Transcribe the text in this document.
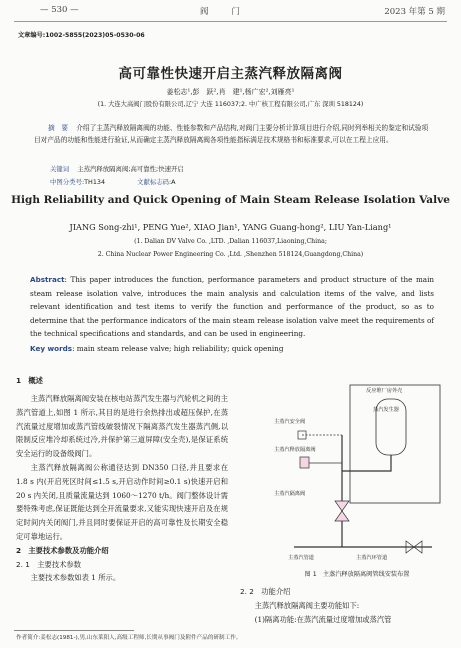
— 530 —	阀　　门	2023 年第 5 期
文章编号:1002-5855(2023)05-0530-06
高可靠性快速开启主蒸汽释放隔离阀
姜松志¹,彭　跃²,肖　建¹,杨广宏²,刘雁亮¹
(1. 大连大高阀门股份有限公司,辽宁 大连 116037;2. 中广核工程有限公司,广东 深圳 518124)
摘　要 介绍了主蒸汽释放隔离阀的功能、性能参数和产品结构,对阀门主要分析计算项目进行介绍,同时列举相关的鉴定和试验项目对产品的功能和性能进行验证,从而确定主蒸汽释放隔离阀各项性能指标满足技术规格书和标准要求,可以在工程上应用。
关键词 主蒸汽释放隔离阀;高可靠性;快速开启
中图分类号:TH134	文献标志码:A
High Reliability and Quick Opening of Main Steam Release Isolation Valve
JIANG Song-zhi¹, PENG Yue², XIAO Jian¹, YANG Guang-hong², LIU Yan-Liang¹
(1. Dalian DV Valve Co. ,LTD. ,Dalian 116037,Liaoning,China;
2. China Nuclear Power Engineering Co. ,Ltd. ,Shenzhen 518124,Guangdong,China)
Abstract: This paper introduces the function, performance parameters and product structure of the main steam release isolation valve, introduces the main analysis and calculation items of the valve, and lists relevant identification and test items to verify the function and performance of the product, so as to determine that the performance indicators of the main steam release isolation valve meet the requirements of the technical specifications and standards, and can be used in engineering.
Key words: main steam release valve; high reliability; quick opening
1　概述

主蒸汽释放隔离阀安装在核电站蒸汽发生器与汽轮机之间的主蒸汽管道上,如图 1 所示,其目的是进行余热排出或超压保护,在蒸汽流量过度增加或蒸汽管线破裂情况下隔离蒸汽发生器蒸汽侧,以限制反应堆冷却系统过冷,并保护第三道屏障(安全壳),是保证系统安全运行的设备级阀门。

主蒸汽释放隔离阀公称通径达到 DN350 口径,并且要求在 1.8 s 内(开启死区时间≤1.5 s,开启动作时间≥0.1 s)快速开启和 20 s 内关闭,且质量流量达到 1060～1270 t/h。阀门整体设计需要特殊考虑,保证既能达到全开流量要求,又能实现快速开启及在规定时间内关闭阀门,并且同时要保证开启的高可靠性及长期安全稳定可靠地运行。

2　主要技术参数及功能介绍
2. 1　主要技术参数

主要技术参数如表 1 所示。

反应堆厂房外壳
蒸汽发生器
主蒸汽安全阀
主蒸汽释放隔离阀
主蒸汽隔离阀
主蒸汽管道	主蒸汽环管道
图 1　主蒸汽释放隔离阀管线安装布置
2. 2　功能介绍
主蒸汽释放隔离阀主要功能如下:
(1)隔离功能:在蒸汽流量过度增加或蒸汽管
作者简介:姜松志(1981-),男,山东莱阳人,高级工程师,长期从事阀门及附件产品的研制工作。
